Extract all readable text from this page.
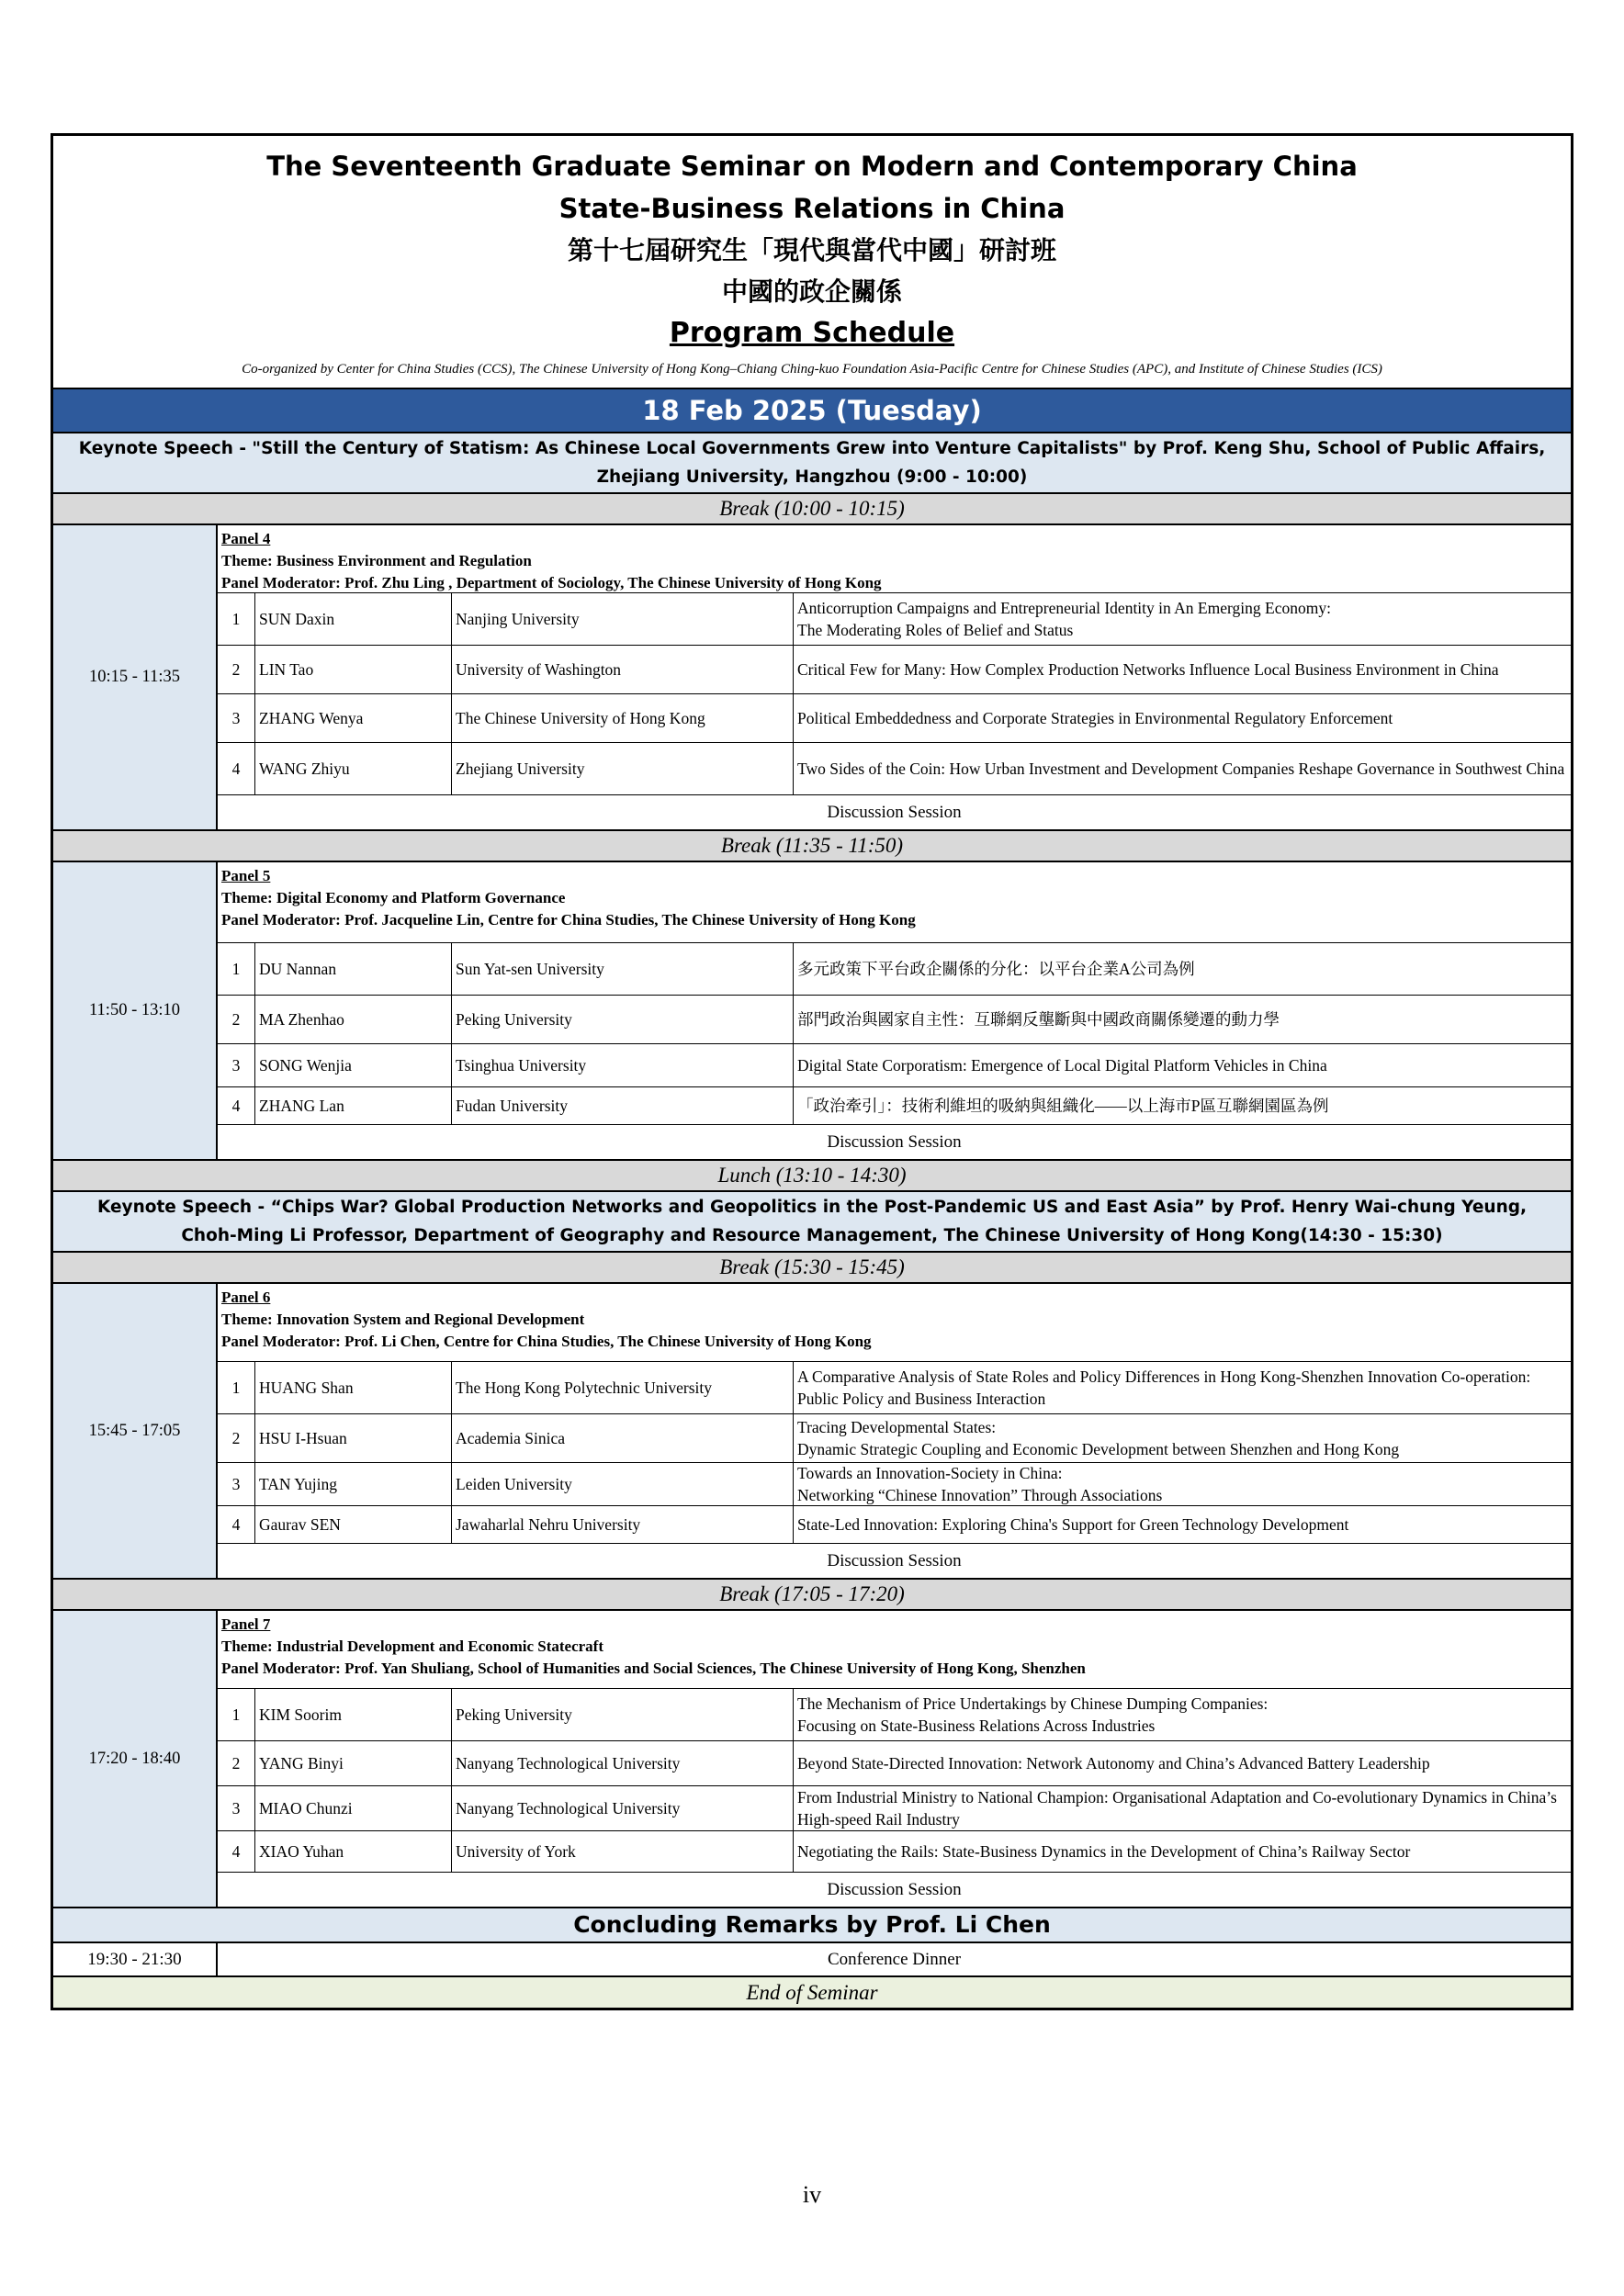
The Seventeenth Graduate Seminar on Modern and Contemporary China
State-Business Relations in China
第十七屆研究生「現代與當代中國」研討班
中國的政企關係
Program Schedule
Co-organized by Center for China Studies (CCS), The Chinese University of Hong Kong–Chiang Ching-kuo Foundation Asia-Pacific Centre for Chinese Studies (APC), and Institute of Chinese Studies (ICS)
18 Feb 2025 (Tuesday)
Keynote Speech - "Still the Century of Statism: As Chinese Local Governments Grew into Venture Capitalists" by Prof. Keng Shu, School of Public Affairs,
Zhejiang University, Hangzhou (9:00 - 10:00)
Break (10:00 - 10:15)
10:15 - 11:35
Panel 4
Theme: Business Environment and Regulation
Panel Moderator: Prof. Zhu Ling , Department of Sociology, The Chinese University of Hong Kong
1	SUN Daxin	Nanjing University
Anticorruption Campaigns and Entrepreneurial Identity in An Emerging Economy:
The Moderating Roles of Belief and Status
2	LIN Tao	University of Washington	Critical Few for Many: How Complex Production Networks Influence Local Business Environment in China
3	ZHANG Wenya	The Chinese University of Hong Kong	Political Embeddedness and Corporate Strategies in Environmental Regulatory Enforcement
4	WANG Zhiyu	Zhejiang University	Two Sides of the Coin: How Urban Investment and Development Companies Reshape Governance in Southwest China
Discussion Session
Break (11:35 - 11:50)
11:50 - 13:10
Panel 5
Theme: Digital Economy and Platform Governance
Panel Moderator: Prof. Jacqueline Lin, Centre for China Studies, The Chinese University of Hong Kong
1	DU Nannan	Sun Yat-sen University	多元政策下平台政企關係的分化：以平台企業A公司為例
2	MA Zhenhao	Peking University	部門政治與國家自主性：互聯網反壟斷與中國政商關係變遷的動力學
3	SONG Wenjia	Tsinghua University	Digital State Corporatism: Emergence of Local Digital Platform Vehicles in China
4	ZHANG Lan	Fudan University	「政治牽引」：技術利維坦的吸納與組織化——以上海市P區互聯網園區為例
Discussion Session
Lunch (13:10 - 14:30)
Keynote Speech - “Chips War? Global Production Networks and Geopolitics in the Post-Pandemic US and East Asia” by Prof. Henry Wai-chung Yeung,
Choh-Ming Li Professor, Department of Geography and Resource Management, The Chinese University of Hong Kong(14:30 - 15:30)
Break (15:30 - 15:45)
15:45 - 17:05
Panel 6
Theme: Innovation System and Regional Development
Panel Moderator: Prof. Li Chen, Centre for China Studies, The Chinese University of Hong Kong
1	HUANG Shan	The Hong Kong Polytechnic University
A Comparative Analysis of State Roles and Policy Differences in Hong Kong-Shenzhen Innovation Co-operation: Public Policy and Business Interaction
2	HSU I-Hsuan	Academia Sinica
Tracing Developmental States:
Dynamic Strategic Coupling and Economic Development between Shenzhen and Hong Kong
3	TAN Yujing	Leiden University
Towards an Innovation-Society in China:
Networking “Chinese Innovation” Through Associations
4	Gaurav SEN	Jawaharlal Nehru University	State-Led Innovation: Exploring China's Support for Green Technology Development
Discussion Session
Break (17:05 - 17:20)
17:20 - 18:40
Panel 7
Theme: Industrial Development and Economic Statecraft
Panel Moderator: Prof. Yan Shuliang, School of Humanities and Social Sciences, The Chinese University of Hong Kong, Shenzhen
1	KIM Soorim	Peking University
The Mechanism of Price Undertakings by Chinese Dumping Companies:
Focusing on State-Business Relations Across Industries
2	YANG Binyi	Nanyang Technological University	Beyond State-Directed Innovation: Network Autonomy and China’s Advanced Battery Leadership
3	MIAO Chunzi	Nanyang Technological University
From Industrial Ministry to National Champion: Organisational Adaptation and Co-evolutionary Dynamics in China’s High-speed Rail Industry
4	XIAO Yuhan	University of York	Negotiating the Rails: State-Business Dynamics in the Development of China’s Railway Sector
Discussion Session
Concluding Remarks by Prof. Li Chen
19:30 - 21:30	Conference Dinner
End of Seminar
iv
